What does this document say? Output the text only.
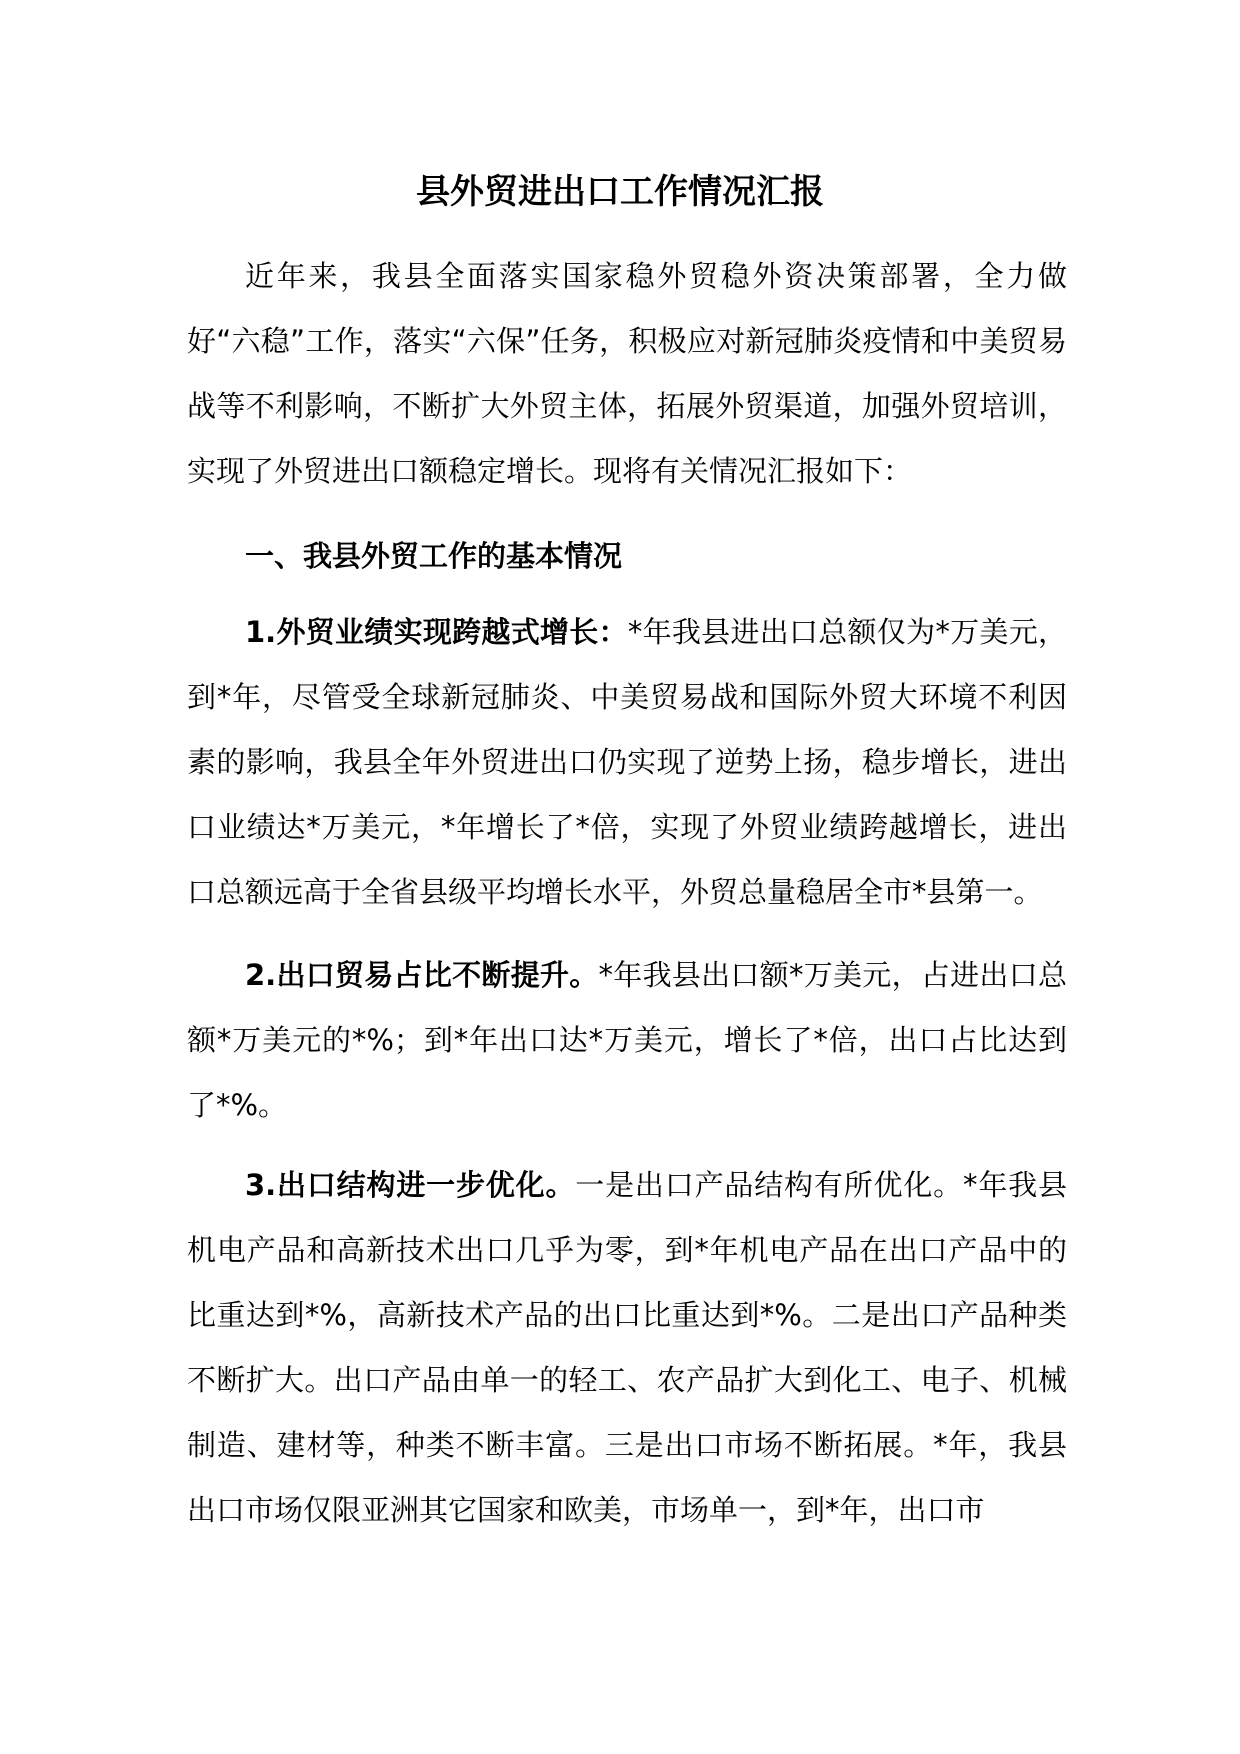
县外贸进出口工作情况汇报

近年来，我县全面落实国家稳外贸稳外资决策部署，全力做好“六稳”工作，落实“六保”任务，积极应对新冠肺炎疫情和中美贸易战等不利影响，不断扩大外贸主体，拓展外贸渠道，加强外贸培训，实现了外贸进出口额稳定增长。现将有关情况汇报如下：

一、我县外贸工作的基本情况

1.外贸业绩实现跨越式增长：*年我县进出口总额仅为*万美元，到*年，尽管受全球新冠肺炎、中美贸易战和国际外贸大环境不利因素的影响，我县全年外贸进出口仍实现了逆势上扬，稳步增长，进出口业绩达*万美元，*年增长了*倍，实现了外贸业绩跨越增长，进出口总额远高于全省县级平均增长水平，外贸总量稳居全市*县第一。

2.出口贸易占比不断提升。*年我县出口额*万美元，占进出口总额*万美元的*%；到*年出口达*万美元，增长了*倍，出口占比达到了*%。

3.出口结构进一步优化。一是出口产品结构有所优化。*年我县机电产品和高新技术出口几乎为零，到*年机电产品在出口产品中的比重达到*%，高新技术产品的出口比重达到*%。二是出口产品种类不断扩大。出口产品由单一的轻工、农产品扩大到化工、电子、机械制造、建材等，种类不断丰富。三是出口市场不断拓展。*年，我县出口市场仅限亚洲其它国家和欧美，市场单一，到*年，出口市
